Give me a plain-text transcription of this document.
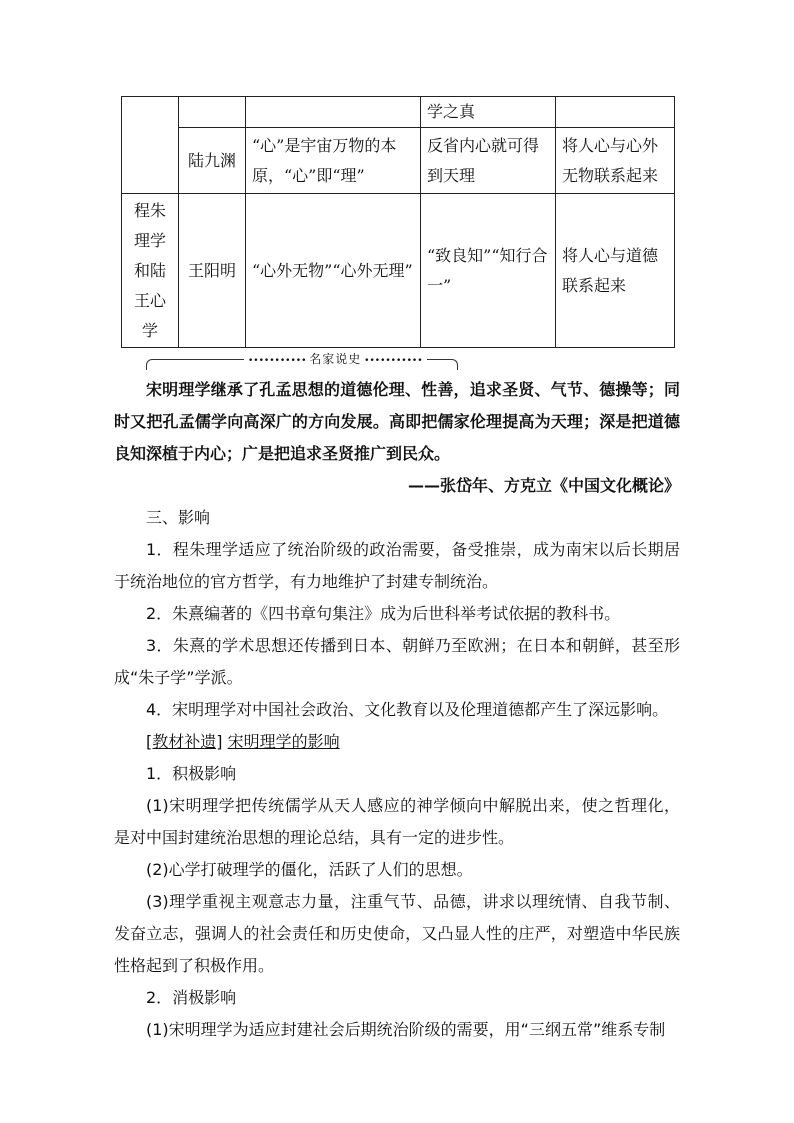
			学之真	
	陆九渊	“心”是宇宙万物的本原，“心”即“理”	反省内心就可得到天理	将人心与心外无物联系起来
程朱理学和陆王心学	王阳明	“心外无物”“心外无理”	“致良知”“知行合一”	将人心与道德联系起来
••••••••••• 名家说史 •••••••••••

宋明理学继承了孔孟思想的道德伦理、性善，追求圣贤、气节、德操等；同时又把孔孟儒学向高深广的方向发展。高即把儒家伦理提高为天理；深是把道德良知深植于内心；广是把追求圣贤推广到民众。

——张岱年、方克立《中国文化概论》

三、影响

1．程朱理学适应了统治阶级的政治需要，备受推崇，成为南宋以后长期居于统治地位的官方哲学，有力地维护了封建专制统治。

2．朱熹编著的《四书章句集注》成为后世科举考试依据的教科书。

3．朱熹的学术思想还传播到日本、朝鲜乃至欧洲；在日本和朝鲜，甚至形成“朱子学”学派。

4．宋明理学对中国社会政治、文化教育以及伦理道德都产生了深远影响。

[教材补遗] 宋明理学的影响

1．积极影响

(1)宋明理学把传统儒学从天人感应的神学倾向中解脱出来，使之哲理化，是对中国封建统治思想的理论总结，具有一定的进步性。

(2)心学打破理学的僵化，活跃了人们的思想。

(3)理学重视主观意志力量，注重气节、品德，讲求以理统情、自我节制、发奋立志，强调人的社会责任和历史使命，又凸显人性的庄严，对塑造中华民族性格起到了积极作用。

2．消极影响

(1)宋明理学为适应封建社会后期统治阶级的需要，用“三纲五常”维系专制
